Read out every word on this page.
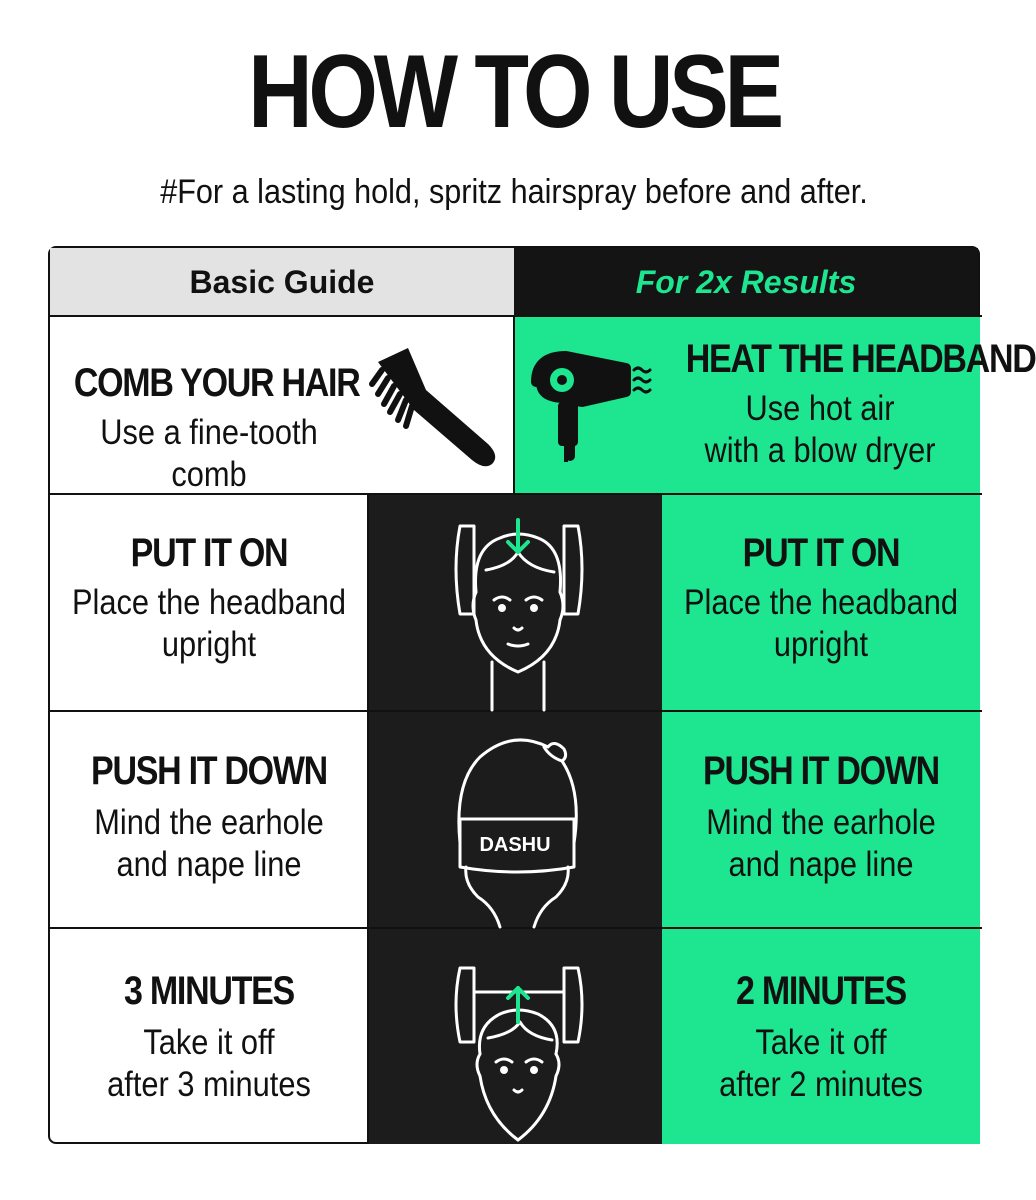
HOW TO USE
#For a lasting hold, spritz hairspray before and after.
Basic Guide	For 2x Results
COMB YOUR HAIR
Use a fine-tooth comb
HEAT THE HEADBAND
Use hot air
with a blow dryer
PUT IT ON
Place the headband
upright
PUT IT ON
Place the headband
upright
PUSH IT DOWN
Mind the earhole
and nape line	DASHU
PUSH IT DOWN
Mind the earhole
and nape line
3 MINUTES
Take it off
after 3 minutes
2 MINUTES
Take it off
after 2 minutes
